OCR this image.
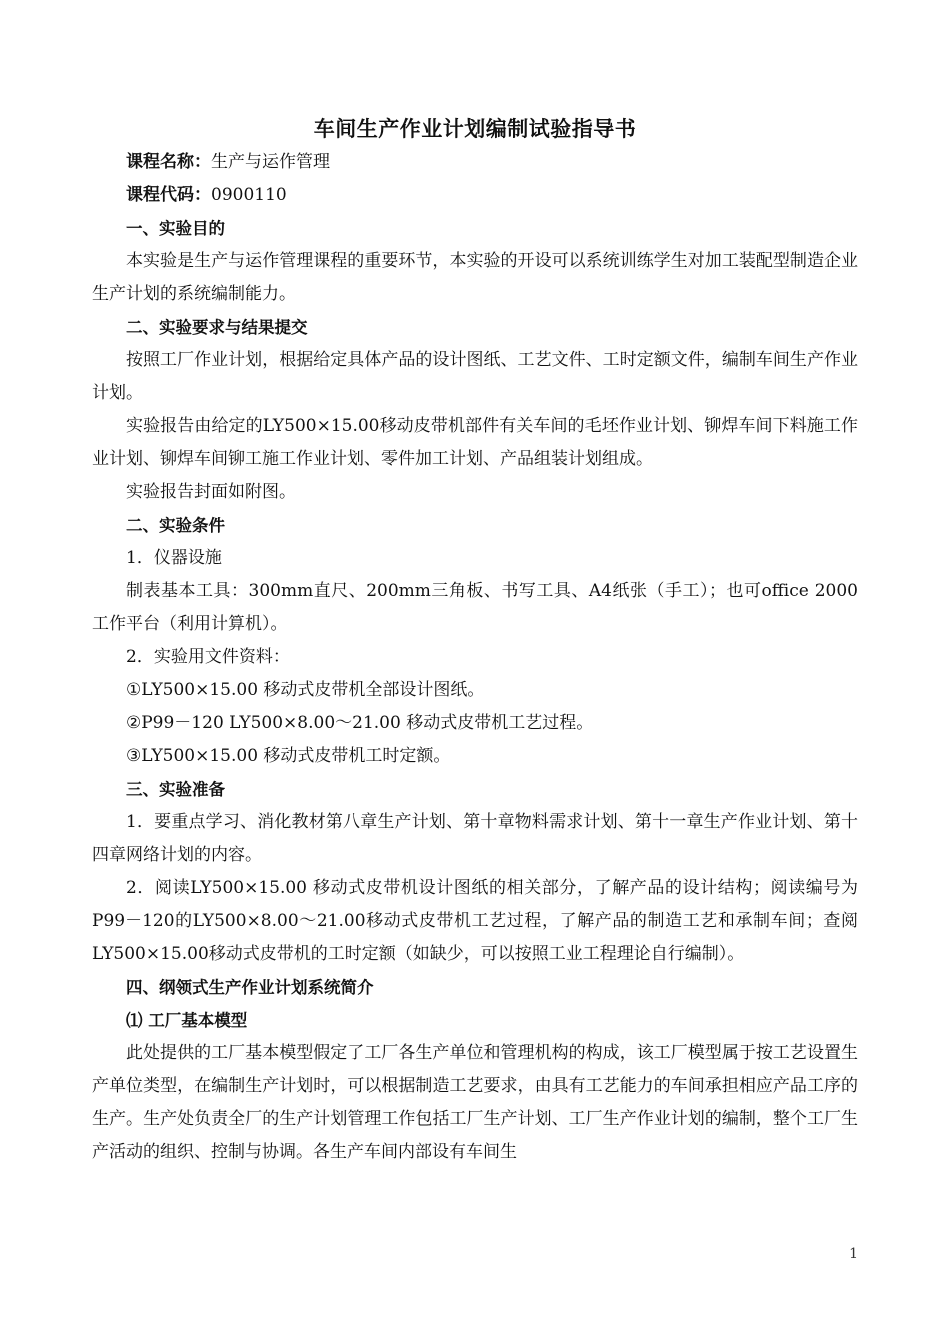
车间生产作业计划编制试验指导书

课程名称：生产与运作管理

课程代码：0900110

一、实验目的

本实验是生产与运作管理课程的重要环节，本实验的开设可以系统训练学生对加工装配型制造企业生产计划的系统编制能力。

二、实验要求与结果提交

按照工厂作业计划，根据给定具体产品的设计图纸、工艺文件、工时定额文件，编制车间生产作业计划。

实验报告由给定的LY500×15.00移动皮带机部件有关车间的毛坯作业计划、铆焊车间下料施工作业计划、铆焊车间铆工施工作业计划、零件加工计划、产品组装计划组成。

实验报告封面如附图。

二、实验条件

1．仪器设施

制表基本工具：300mm直尺、200mm三角板、书写工具、A4纸张（手工）；也可office 2000工作平台（利用计算机）。

2．实验用文件资料：

①LY500×15.00 移动式皮带机全部设计图纸。

②P99－120 LY500×8.00～21.00 移动式皮带机工艺过程。

③LY500×15.00 移动式皮带机工时定额。

三、实验准备

1．要重点学习、消化教材第八章生产计划、第十章物料需求计划、第十一章生产作业计划、第十四章网络计划的内容。

2．阅读LY500×15.00 移动式皮带机设计图纸的相关部分，了解产品的设计结构；阅读编号为P99－120的LY500×8.00～21.00移动式皮带机工艺过程，了解产品的制造工艺和承制车间；查阅LY500×15.00移动式皮带机的工时定额（如缺少，可以按照工业工程理论自行编制）。

四、纲领式生产作业计划系统简介

⑴ 工厂基本模型

此处提供的工厂基本模型假定了工厂各生产单位和管理机构的构成，该工厂模型属于按工艺设置生产单位类型，在编制生产计划时，可以根据制造工艺要求，由具有工艺能力的车间承担相应产品工序的生产。生产处负责全厂的生产计划管理工作包括工厂生产计划、工厂生产作业计划的编制，整个工厂生产活动的组织、控制与协调。各生产车间内部设有车间生

1
